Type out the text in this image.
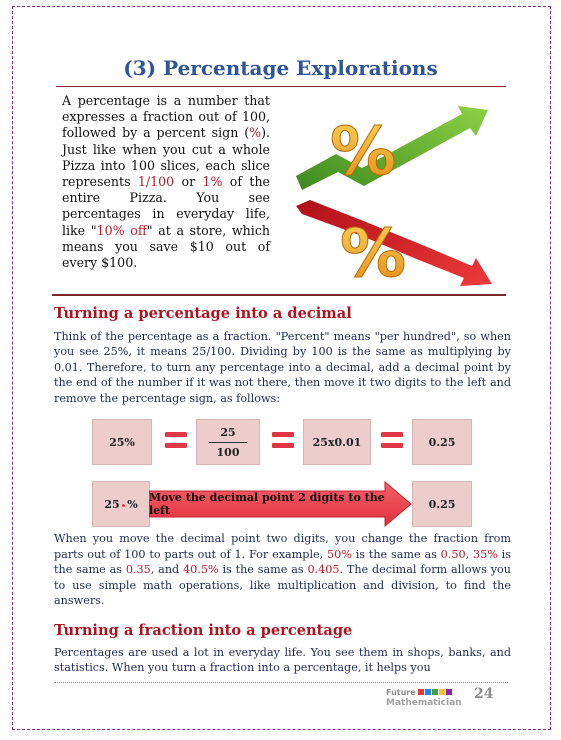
(3) Percentage Explorations
A percentage is a number that expresses a fraction out of 100, followed by a percent sign (%). Just like when you cut a whole Pizza into 100 slices, each slice represents 1/100 or 1% of the entire Pizza. You see percentages in everyday life, like "10% off" at a store, which means you save $10 out of every $100.
%
%
Turning a percentage into a decimal
Think of the percentage as a fraction. "Percent" means "per hundred", so when you see 25%, it means 25/100. Dividing by 100 is the same as multiplying by 0.01. Therefore, to turn any percentage into a decimal, add a decimal point by the end of the number if it was not there, then move it two digits to the left and remove the percentage sign, as follows:
25%
25
100
25x0.01	0.25
25 . % Move the decimal point 2 digits to the left	0.25
When you move the decimal point two digits, you change the fraction from parts out of 100 to parts out of 1. For example, 50% is the same as 0.50, 35% is the same as 0.35, and 40.5% is the same as 0.405. The decimal form allows you to use simple math operations, like multiplication and division, to find the answers.
Turning a fraction into a percentage
Percentages are used a lot in everyday life. You see them in shops, banks, and statistics. When you turn a fraction into a percentage, it helps you
Future
Mathematician
24
